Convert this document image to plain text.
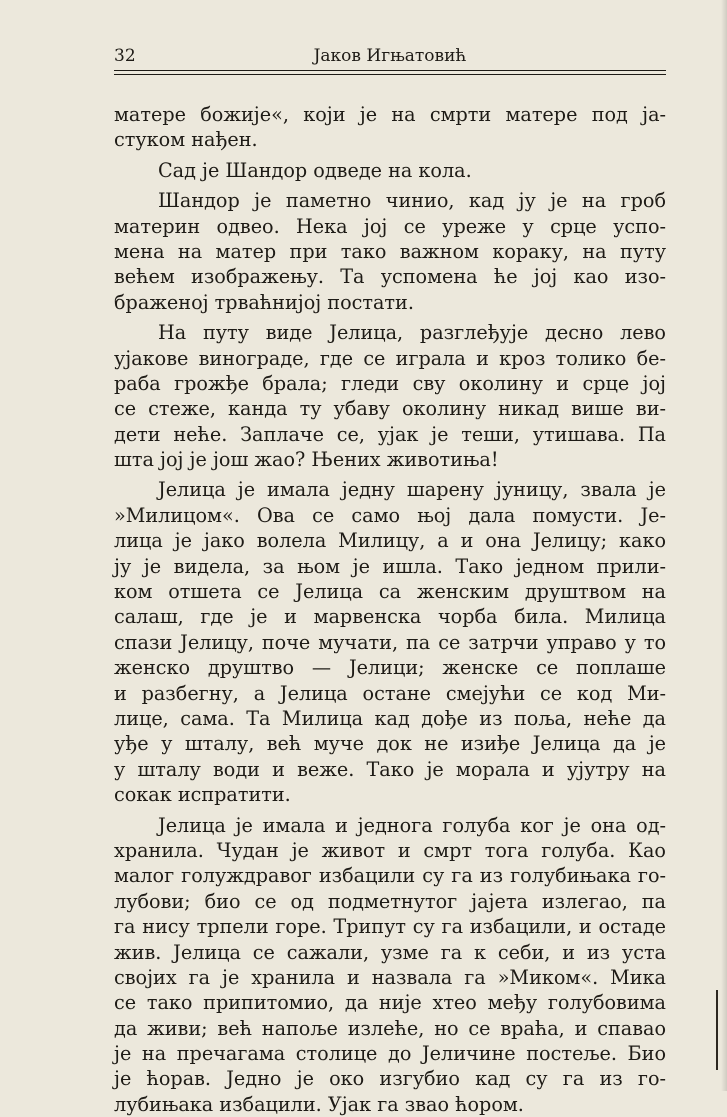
32	Јаков Игњатовић
матере божије«, који је на смрти матере под ја-
стуком нађен.
Сад је Шандор одведе на кола.
Шандор је паметно чинио, кад ју је на гроб
материн одвео. Нека јој се уреже у срце успо-
мена на матер при тако важном кораку, на путу
већем изображењу. Та успомена ће јој као изо-
браженој трваћнијој постати.
На путу виде Јелица, разглеђује десно лево
ујакове винограде, где се играла и кроз толико бе-
раба грожђе брала; гледи сву околину и срце јој
се стеже, канда ту убаву околину никад више ви-
дети неће. Заплаче се, ујак је теши, утишава. Па
шта јој је још жао? Њених животиња!
Јелица је имала једну шарену јуницу, звала је
»Милицом«. Ова се само њој дала помусти. Је-
лица је јако волела Милицу, а и она Јелицу; како
ју је видела, за њом је ишла. Тако једном прили-
ком отшета се Јелица са женским друштвом на
салаш, где је и марвенска чорба била. Милица
спази Јелицу, поче мучати, па се затрчи управо у то
женско друштво — Јелици; женске се поплаше
и разбегну, а Јелица остане смејући се код Ми-
лице, сама. Та Милица кад дође из поља, неће да
уђе у шталу, већ муче док не изиђе Јелица да је
у шталу води и веже. Тако је морала и ујутру на
сокак испратити.
Јелица је имала и једнога голуба ког је она од-
хранила. Чудан је живот и смрт тога голуба. Као
малог голуждравог избацили су га из голубињака го-
лубови; био се од подметнутог јајета излегао, па
га нису трпели горе. Трипут су га избацили, и остаде
жив. Јелица се сажали, узме га к себи, и из уста
својих га је хранила и назвала га »Миком«. Мика
се тако припитомио, да није хтео међу голубовима
да живи; већ напоље излеће, но се враћа, и спавао
је на пречагама столице до Јеличине постеље. Био
је ћорав. Једно је око изгубио кад су га из го-
лубињака избацили. Ујак га звао ћором.
